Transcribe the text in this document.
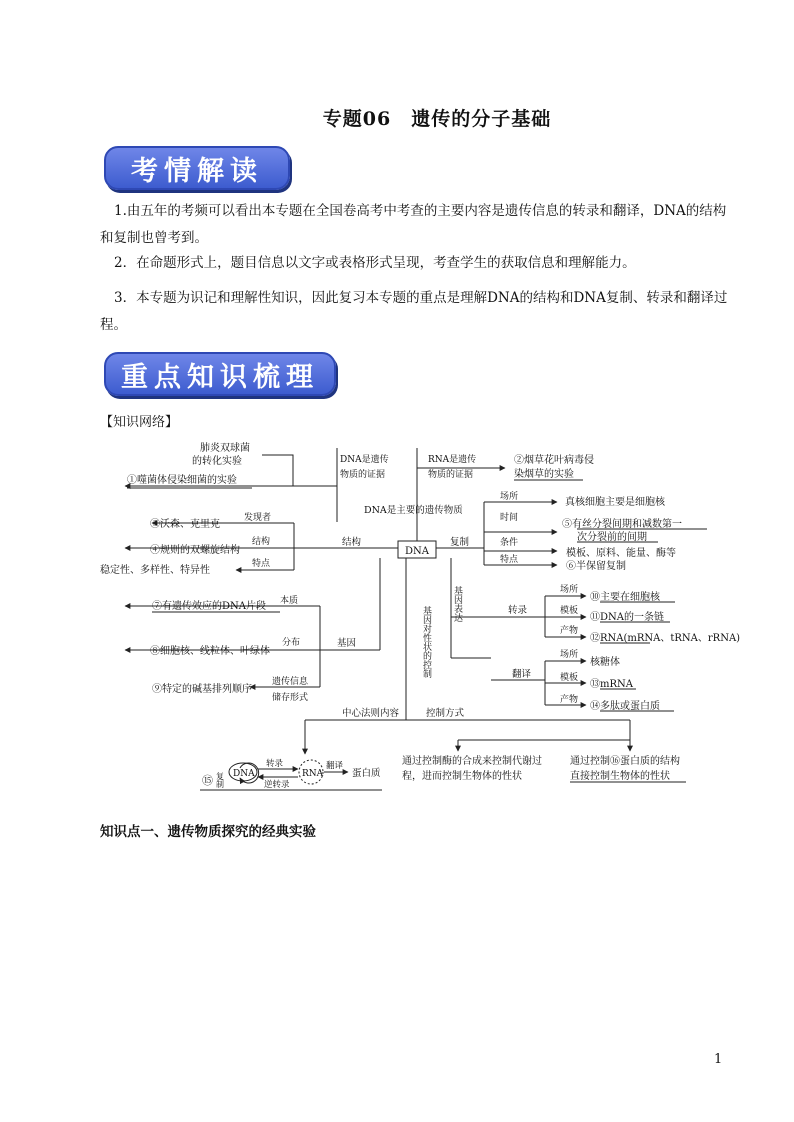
专题06　遗传的分子基础
考情解读
1.由五年的考频可以看出本专题在全国卷高考中考查的主要内容是遗传信息的转录和翻译，DNA的结构和复制也曾考到。
2．在命题形式上，题目信息以文字或表格形式呈现，考查学生的获取信息和理解能力。
3．本专题为识记和理解性知识，因此复习本专题的重点是理解DNA的结构和DNA复制、转录和翻译过程。
重点知识梳理
【知识网络】
DNA
肺炎双球菌
的转化实验
①噬菌体侵染细菌的实验
DNA是遗传
物质的证据
RNA是遗传
物质的证据
②烟草花叶病毒侵
染烟草的实验
DNA是主要的遗传物质
结构
发现者
③沃森、克里克
结构
④规则的双螺旋结构
特点
稳定性、多样性、特异性
复制
场所	真核细胞主要是细胞核
时间
⑤有丝分裂间期和减数第一
次分裂前的间期
条件
模板、原料、能量、酶等
特点
⑥半保留复制
基因
本质
⑦有遗传效应的DNA片段
分布
⑧细胞核、线粒体、叶绿体
遗传信息
储存形式
⑨特定的碱基排列顺序
基因表达
基因对性状的控制	转录
场所
⑩主要在细胞核
模板
⑪DNA的一条链
产物
⑫RNA(mRNA、tRNA、rRNA)
翻译
场所
核糖体
模板
⑬mRNA
产物
⑭多肽或蛋白质
中心法则内容	控制方式
通过控制酶的合成来控制代谢过
程，进而控制生物体的性状
通过控制⑯蛋白质的结构
直接控制生物体的性状
⑮ 复制 DNA
转录
逆转录
RNA
翻译
蛋白质
知识点一、遗传物质探究的经典实验
1
